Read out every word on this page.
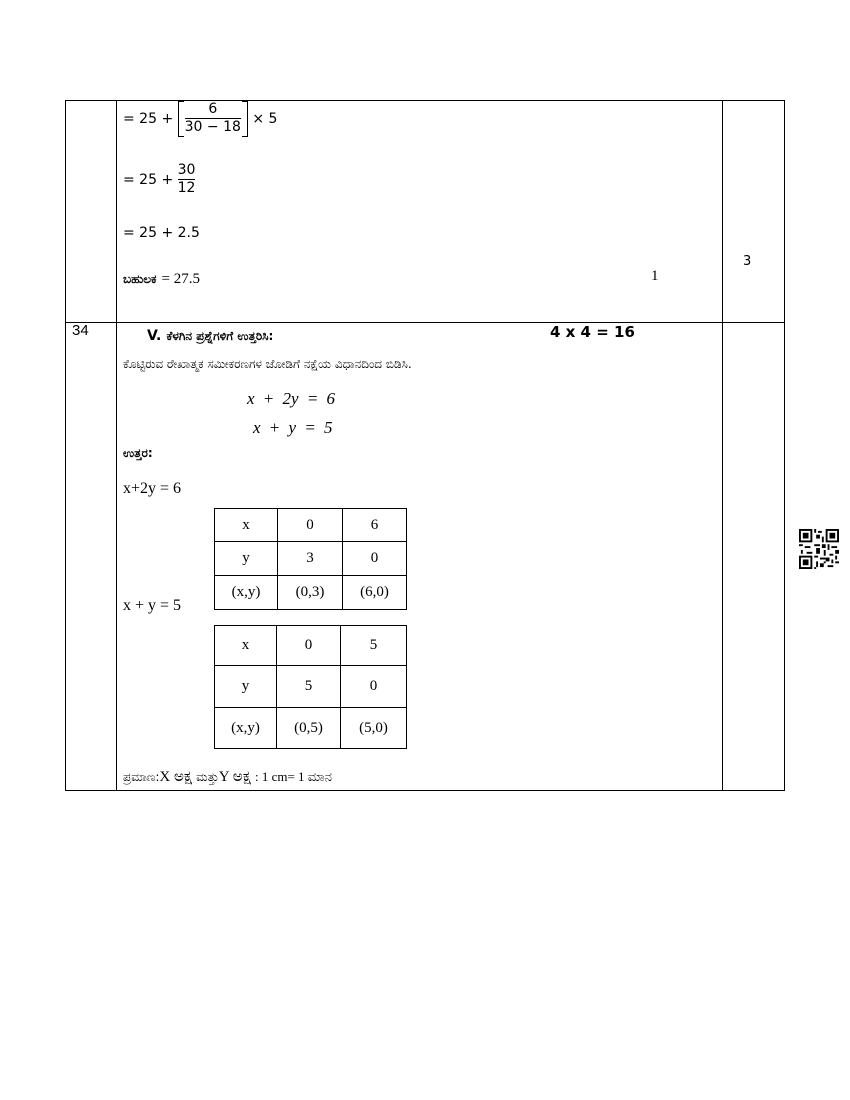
= $25 + \frac{6}{30 - 18} \times 5$
= $25 + \frac{30}{12}$
= 25 + 2.5
ಬಹುಲಕ = 27.5	1
3
34	V. ಕೆಳಗಿನ ಪ್ರಶ್ನೆಗಳಿಗೆ ಉತ್ತರಿಸಿ:	4 x 4 = 16
ಕೊಟ್ಟಿರುವ ರೇಖಾತ್ಮಕ ಸಮೀಕರಣಗಳ ಜೋಡಿಗೆ ನಕ್ಷೆಯ ವಿಧಾನದಿಂದ ಬಿಡಿಸಿ.
x + 2y = 6
x + y = 5
ಉತ್ತರ:
x+2y = 6
x	0	6
y	3	0
(x,y)	(0,3)	(6,0)
x + y = 5
x	0	5
y	5	0
(x,y)	(0,5)	(5,0)
ಪ್ರಮಾಣ:X ಅಕ್ಷ ಮತ್ತುY ಅಕ್ಷ : 1 cm= 1 ಮಾನ
